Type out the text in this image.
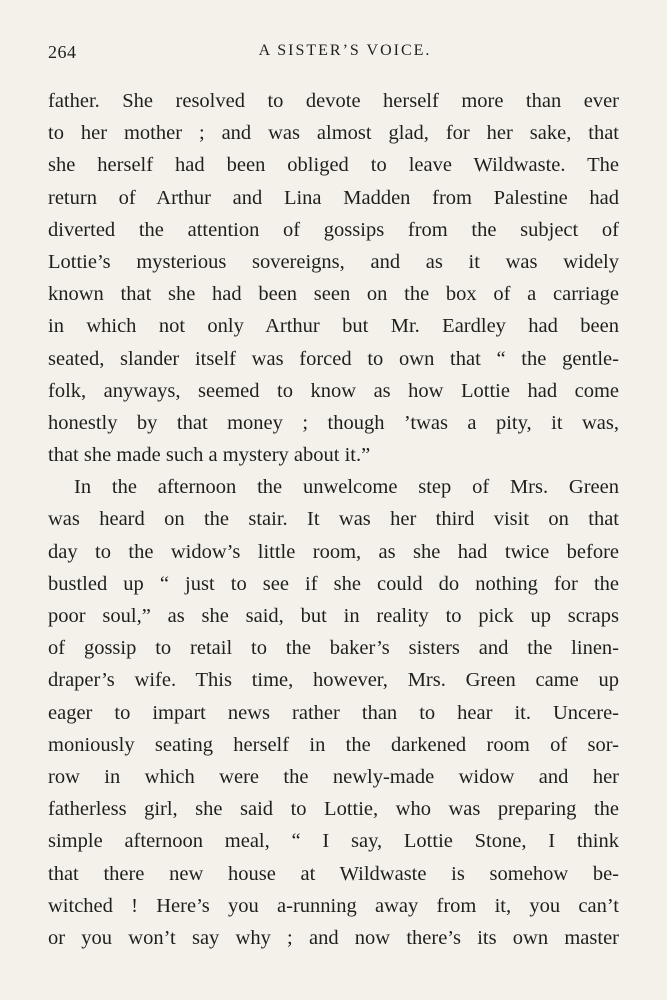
264	A SISTER’S VOICE.
father. She resolved to devote herself more than ever
to her mother ; and was almost glad, for her sake, that
she herself had been obliged to leave Wildwaste. The
return of Arthur and Lina Madden from Palestine had
diverted the attention of gossips from the subject of
Lottie’s mysterious sovereigns, and as it was widely
known that she had been seen on the box of a carriage
in which not only Arthur but Mr. Eardley had been
seated, slander itself was forced to own that “ the gentle-
folk, anyways, seemed to know as how Lottie had come
honestly by that money ; though ’twas a pity, it was,
that she made such a mystery about it.”
In the afternoon the unwelcome step of Mrs. Green
was heard on the stair. It was her third visit on that
day to the widow’s little room, as she had twice before
bustled up “ just to see if she could do nothing for the
poor soul,” as she said, but in reality to pick up scraps
of gossip to retail to the baker’s sisters and the linen-
draper’s wife. This time, however, Mrs. Green came up
eager to impart news rather than to hear it. Uncere-
moniously seating herself in the darkened room of sor-
row in which were the newly-made widow and her
fatherless girl, she said to Lottie, who was preparing the
simple afternoon meal, “ I say, Lottie Stone, I think
that there new house at Wildwaste is somehow be-
witched ! Here’s you a-running away from it, you can’t
or you won’t say why ; and now there’s its own master
